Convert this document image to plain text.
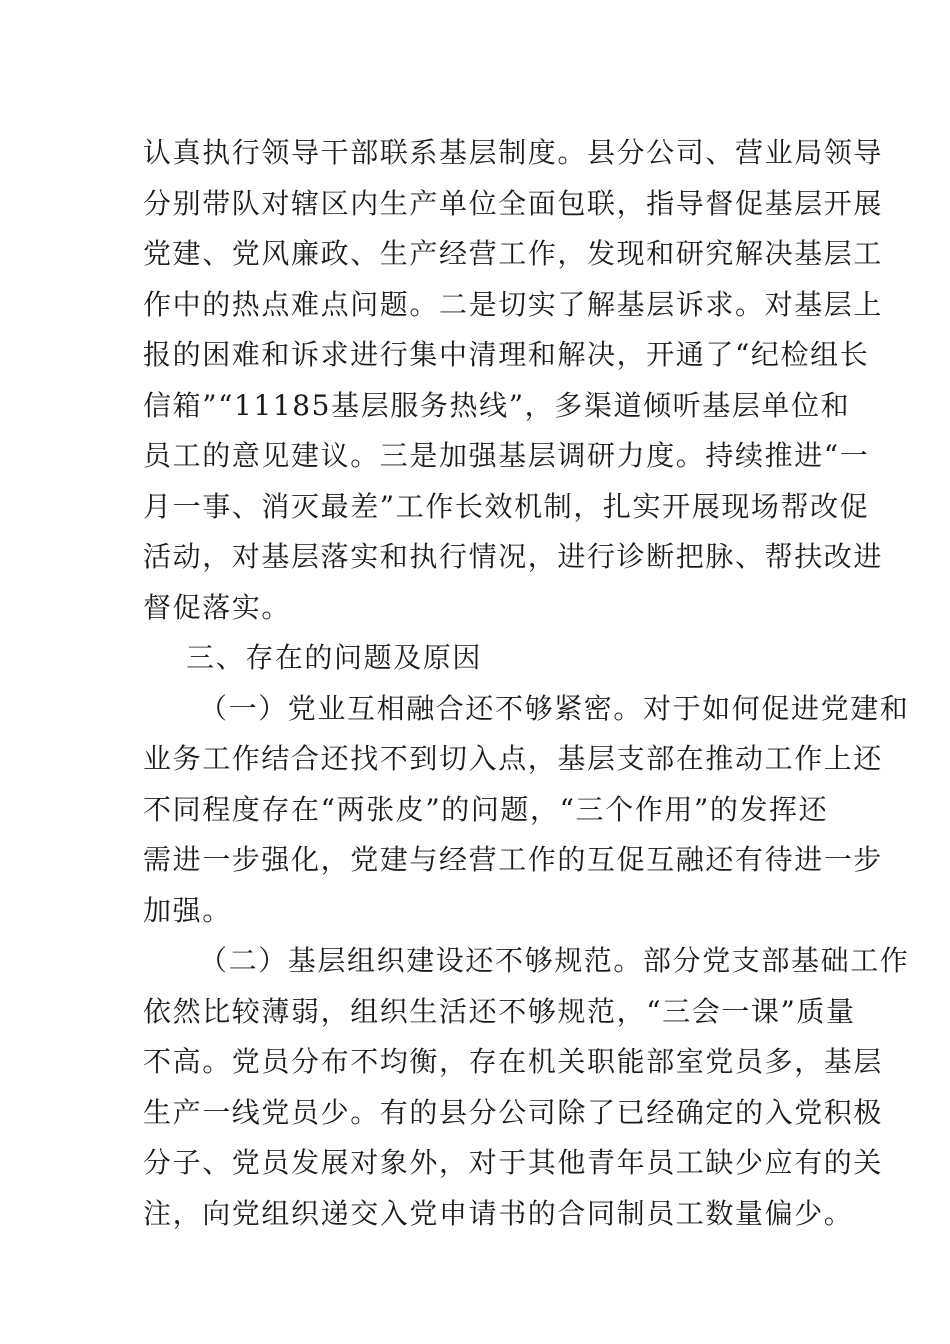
认真执行领导干部联系基层制度。县分公司、营业局领导
分别带队对辖区内生产单位全面包联，指导督促基层开展
党建、党风廉政、生产经营工作，发现和研究解决基层工
作中的热点难点问题。二是切实了解基层诉求。对基层上
报的困难和诉求进行集中清理和解决，开通了“纪检组长
信箱”“11185基层服务热线”，多渠道倾听基层单位和
员工的意见建议。三是加强基层调研力度。持续推进“一
月一事、消灭最差”工作长效机制，扎实开展现场帮改促
活动，对基层落实和执行情况，进行诊断把脉、帮扶改进
督促落实。
三、存在的问题及原因
（一）党业互相融合还不够紧密。对于如何促进党建和
业务工作结合还找不到切入点，基层支部在推动工作上还
不同程度存在“两张皮”的问题，“三个作用”的发挥还
需进一步强化，党建与经营工作的互促互融还有待进一步
加强。
（二）基层组织建设还不够规范。部分党支部基础工作
依然比较薄弱，组织生活还不够规范，“三会一课”质量
不高。党员分布不均衡，存在机关职能部室党员多，基层
生产一线党员少。有的县分公司除了已经确定的入党积极
分子、党员发展对象外，对于其他青年员工缺少应有的关
注，向党组织递交入党申请书的合同制员工数量偏少。
